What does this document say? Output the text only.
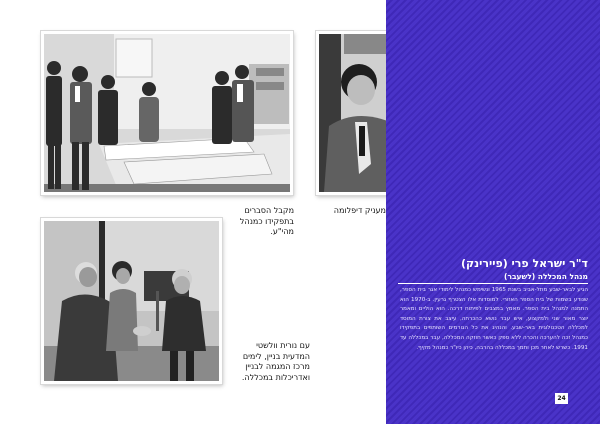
מקבל הסברים
בתפקידו כמנהל
מהי"ע.
מעניק דיפלומה
עם נורית וולשטי
המדעית בניין, לימים
מרכז המגמה לבניין
ואדריכלות במכללה.
ד"ר ישראל פרי (פיירינק)
מנהל המכללה (לשעבר)
הגיע לבאר-שבע מתל-אביב בשנת 1965 ונשימש כמנהל לימודי אגר בית הספר, שנודע בשמות של בית הספר האזורי. למוסדות אלו הצטרף גרעין. ב-1970 הוא התמנה למנהל בית הספר. מאמץ במצבים לפיתוח דרכה. הוא הוליים ומאמר יוצר מאור שני ולמקצוע, איש עבר נושא כהכרחה, עיצב את צורת המוסד למכללה הטכנולוגית באר-שבע. והנהיג את כל הגורמים השותפים בתפקידו כמנהל זכה להערכה והכרה ללא ספק כאשר חוזקה המכללה, עבר במכללה עד 1991. כשרש לאחר מכן ותמך במכללה בהרבה, כיהן כיו"ר כמנהל מקיף.
24
